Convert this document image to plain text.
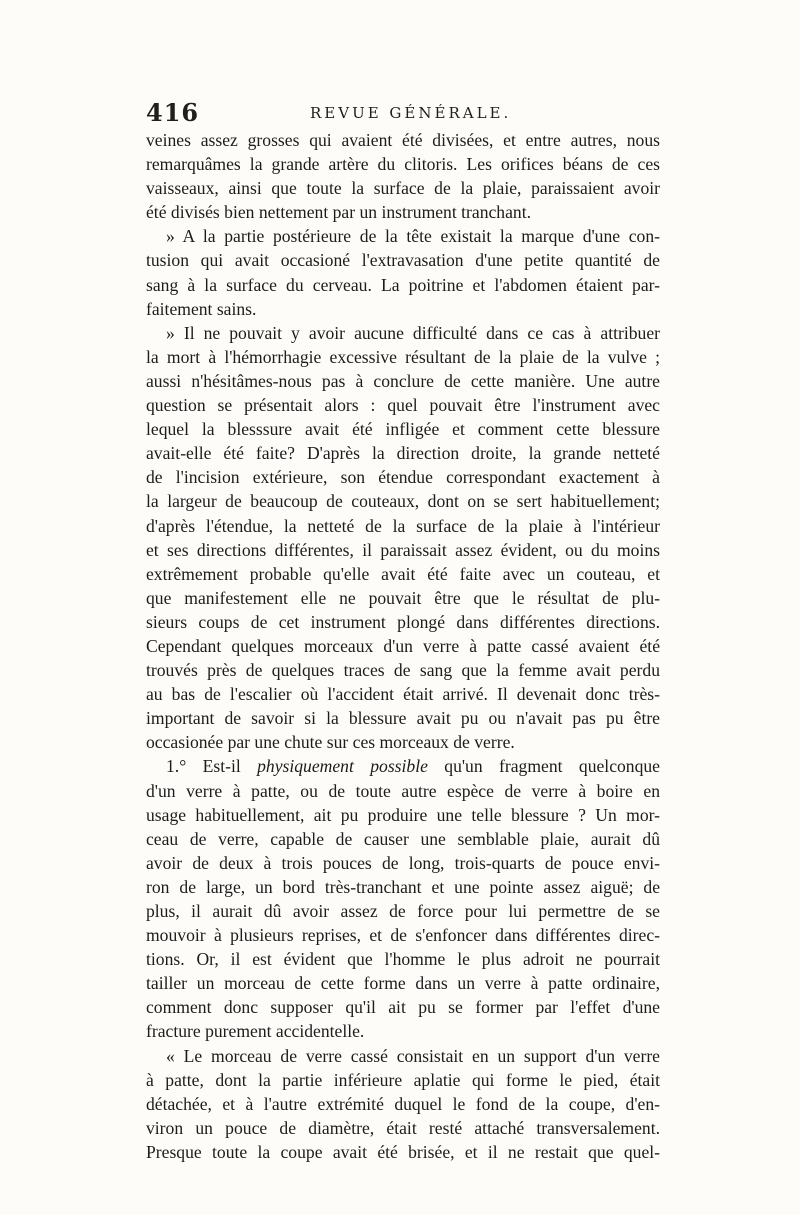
416	REVUE GÉNÉRALE.
veines assez grosses qui avaient été divisées, et entre autres, nous
remarquâmes la grande artère du clitoris. Les orifices béans de ces
vaisseaux, ainsi que toute la surface de la plaie, paraissaient avoir
été divisés bien nettement par un instrument tranchant.
» A la partie postérieure de la tête existait la marque d'une con-
tusion qui avait occasioné l'extravasation d'une petite quantité de
sang à la surface du cerveau. La poitrine et l'abdomen étaient par-
faitement sains.
» Il ne pouvait y avoir aucune difficulté dans ce cas à attribuer
la mort à l'hémorrhagie excessive résultant de la plaie de la vulve ;
aussi n'hésitâmes-nous pas à conclure de cette manière. Une autre
question se présentait alors : quel pouvait être l'instrument avec
lequel la blesssure avait été infligée et comment cette blessure
avait-elle été faite? D'après la direction droite, la grande netteté
de l'incision extérieure, son étendue correspondant exactement à
la largeur de beaucoup de couteaux, dont on se sert habituellement;
d'après l'étendue, la netteté de la surface de la plaie à l'intérieur
et ses directions différentes, il paraissait assez évident, ou du moins
extrêmement probable qu'elle avait été faite avec un couteau, et
que manifestement elle ne pouvait être que le résultat de plu-
sieurs coups de cet instrument plongé dans différentes directions.
Cependant quelques morceaux d'un verre à patte cassé avaient été
trouvés près de quelques traces de sang que la femme avait perdu
au bas de l'escalier où l'accident était arrivé. Il devenait donc très-
important de savoir si la blessure avait pu ou n'avait pas pu être
occasionée par une chute sur ces morceaux de verre.
1.° Est-il physiquement possible qu'un fragment quelconque
d'un verre à patte, ou de toute autre espèce de verre à boire en
usage habituellement, ait pu produire une telle blessure ? Un mor-
ceau de verre, capable de causer une semblable plaie, aurait dû
avoir de deux à trois pouces de long, trois-quarts de pouce envi-
ron de large, un bord très-tranchant et une pointe assez aiguë; de
plus, il aurait dû avoir assez de force pour lui permettre de se
mouvoir à plusieurs reprises, et de s'enfoncer dans différentes direc-
tions. Or, il est évident que l'homme le plus adroit ne pourrait
tailler un morceau de cette forme dans un verre à patte ordinaire,
comment donc supposer qu'il ait pu se former par l'effet d'une
fracture purement accidentelle.
« Le morceau de verre cassé consistait en un support d'un verre
à patte, dont la partie inférieure aplatie qui forme le pied, était
détachée, et à l'autre extrémité duquel le fond de la coupe, d'en-
viron un pouce de diamètre, était resté attaché transversalement.
Presque toute la coupe avait été brisée, et il ne restait que quel-
